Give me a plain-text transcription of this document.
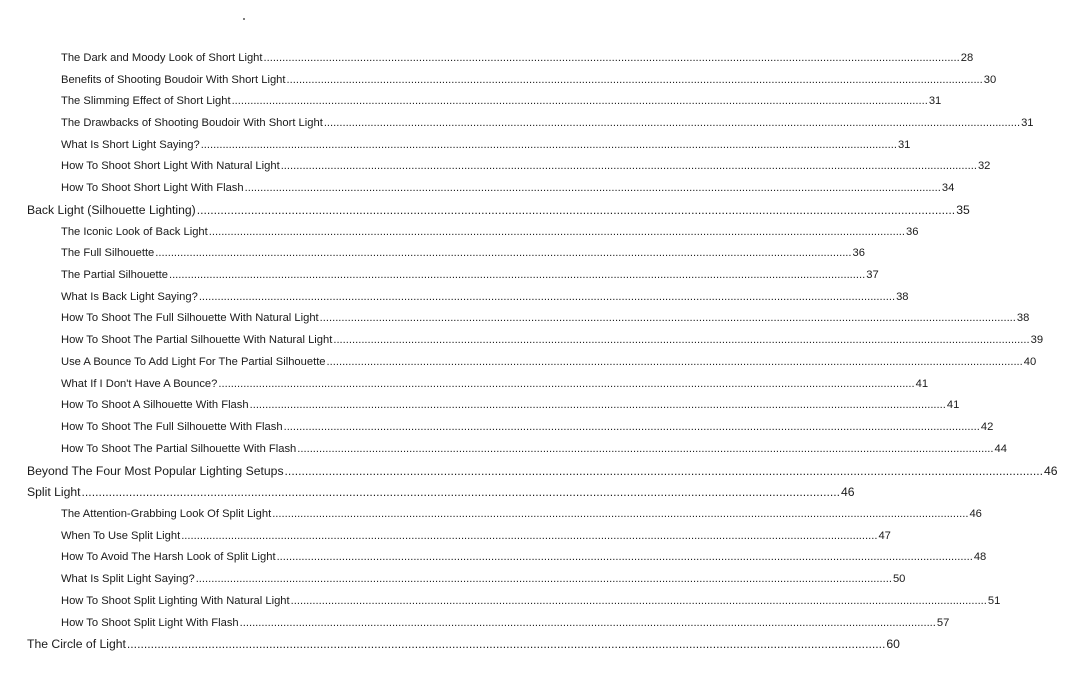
The Dark and Moody Look of Short Light .....	28
Benefits of Shooting Boudoir With Short Light .....	30
The Slimming Effect of Short Light .....	31
The Drawbacks of Shooting Boudoir With Short Light .....	31
What Is Short Light Saying? .....	31
How To Shoot Short Light With Natural Light .....	32
How To Shoot Short Light With Flash .....	34
Back Light (Silhouette Lighting) .....	35
The Iconic Look of Back Light .....	36
The Full Silhouette .....	36
The Partial Silhouette .....	37
What Is Back Light Saying? .....	38
How To Shoot The Full Silhouette With Natural Light .....	38
How To Shoot The Partial Silhouette With Natural Light .....	39
Use A Bounce To Add Light For The Partial Silhouette .....	40
What If I Don't Have A Bounce? .....	41
How To Shoot A Silhouette With Flash .....	41
How To Shoot The Full Silhouette With Flash .....	42
How To Shoot The Partial Silhouette With Flash .....	44
Beyond The Four Most Popular Lighting Setups .....	46
Split Light .....	46
The Attention-Grabbing Look Of Split Light .....	46
When To Use Split Light .....	47
How To Avoid The Harsh Look of Split Light .....	48
What Is Split Light Saying? .....	50
How To Shoot Split Lighting With Natural Light .....	51
How To Shoot Split Light With Flash .....	57
The Circle of Light .....	60
